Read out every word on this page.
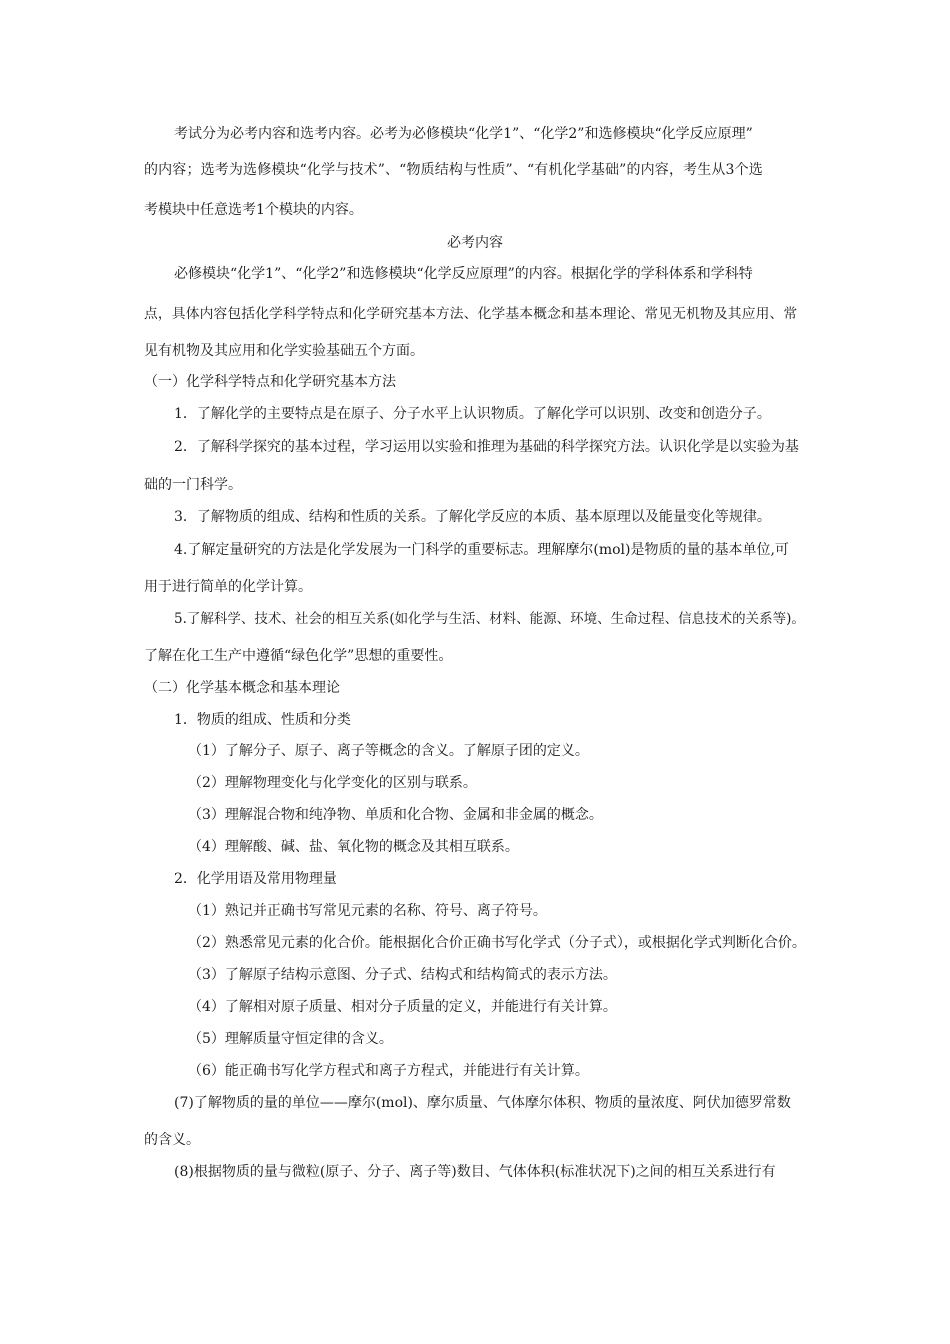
考试分为必考内容和选考内容。必考为必修模块“化学1”、“化学2”和选修模块“化学反应原理”
的内容；选考为选修模块“化学与技术”、“物质结构与性质”、“有机化学基础”的内容，考生从3个选
考模块中任意选考1个模块的内容。
必考内容
必修模块“化学1”、“化学2”和选修模块“化学反应原理”的内容。根据化学的学科体系和学科特
点，具体内容包括化学科学特点和化学研究基本方法、化学基本概念和基本理论、常见无机物及其应用、常
见有机物及其应用和化学实验基础五个方面。
（一）化学科学特点和化学研究基本方法
1．了解化学的主要特点是在原子、分子水平上认识物质。了解化学可以识别、改变和创造分子。
2．了解科学探究的基本过程，学习运用以实验和推理为基础的科学探究方法。认识化学是以实验为基
础的一门科学。
3．了解物质的组成、结构和性质的关系。了解化学反应的本质、基本原理以及能量变化等规律。
4.了解定量研究的方法是化学发展为一门科学的重要标志。理解摩尔(mol)是物质的量的基本单位,可
用于进行简单的化学计算。
5.了解科学、技术、社会的相互关系(如化学与生活、材料、能源、环境、生命过程、信息技术的关系等)。
了解在化工生产中遵循“绿色化学”思想的重要性。
（二）化学基本概念和基本理论
1．物质的组成、性质和分类
（1）了解分子、原子、离子等概念的含义。了解原子团的定义。
（2）理解物理变化与化学变化的区别与联系。
（3）理解混合物和纯净物、单质和化合物、金属和非金属的概念。
（4）理解酸、碱、盐、氧化物的概念及其相互联系。
2．化学用语及常用物理量
（1）熟记并正确书写常见元素的名称、符号、离子符号。
（2）熟悉常见元素的化合价。能根据化合价正确书写化学式（分子式），或根据化学式判断化合价。
（3）了解原子结构示意图、分子式、结构式和结构简式的表示方法。
（4）了解相对原子质量、相对分子质量的定义，并能进行有关计算。
（5）理解质量守恒定律的含义。
（6）能正确书写化学方程式和离子方程式，并能进行有关计算。
(7)了解物质的量的单位——摩尔(mol)、摩尔质量、气体摩尔体积、物质的量浓度、阿伏加德罗常数
的含义。
(8)根据物质的量与微粒(原子、分子、离子等)数目、气体体积(标准状况下)之间的相互关系进行有
